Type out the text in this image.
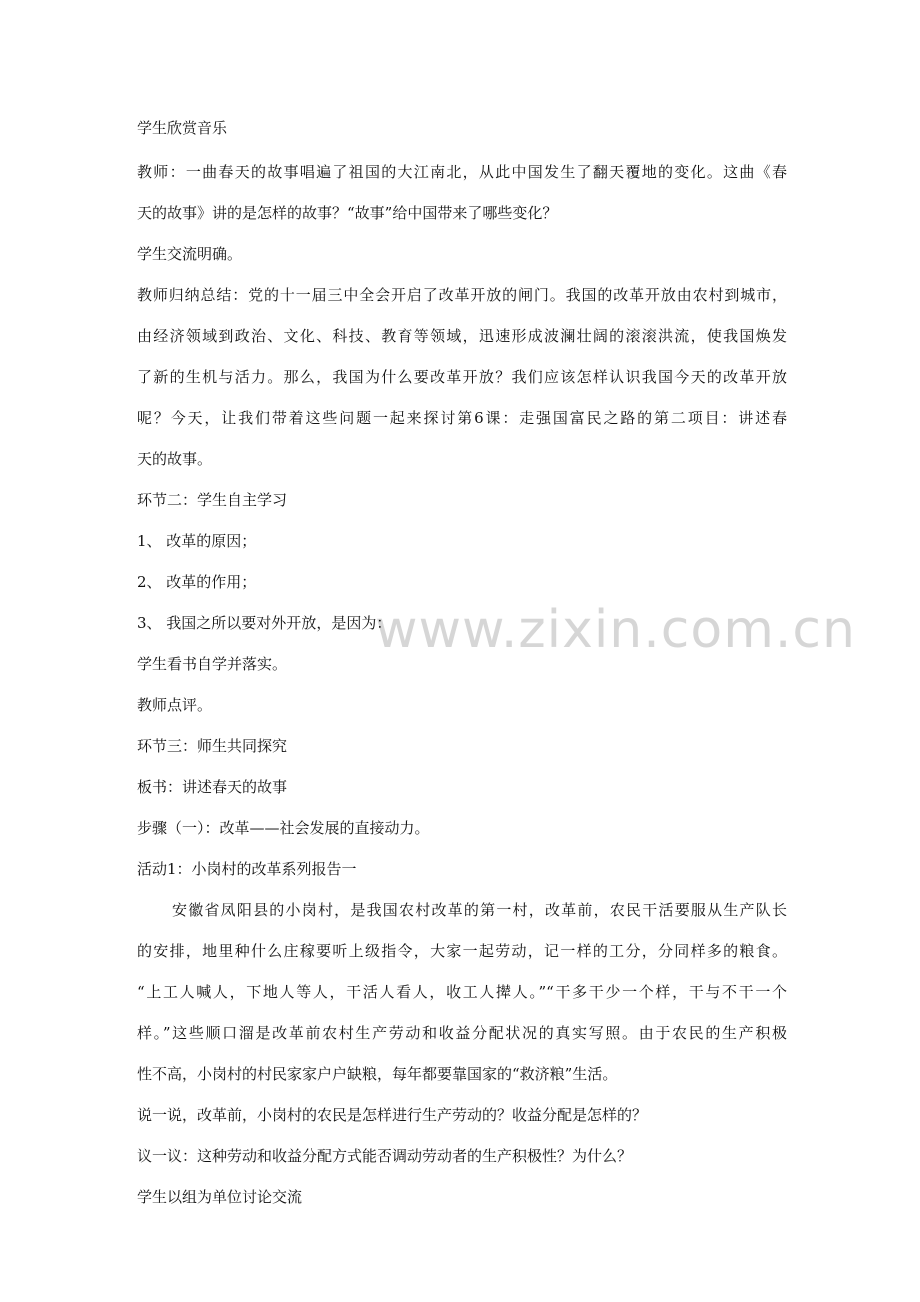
www.zixin.com.cn
学生欣赏音乐
教师：一曲春天的故事唱遍了祖国的大江南北，从此中国发生了翻天覆地的变化。这曲《春
天的故事》讲的是怎样的故事？“故事”给中国带来了哪些变化？
学生交流明确。
教师归纳总结：党的十一届三中全会开启了改革开放的闸门。我国的改革开放由农村到城市，
由经济领域到政治、文化、科技、教育等领域，迅速形成波澜壮阔的滚滚洪流，使我国焕发
了新的生机与活力。那么，我国为什么要改革开放？我们应该怎样认识我国今天的改革开放
呢？今天，让我们带着这些问题一起来探讨第6课：走强国富民之路的第二项目：讲述春
天的故事。
环节二：学生自主学习
1、 改革的原因；
2、 改革的作用；
3、 我国之所以要对外开放，是因为：
学生看书自学并落实。
教师点评。
环节三：师生共同探究
板书：讲述春天的故事
步骤（一）：改革——社会发展的直接动力。
活动1：小岗村的改革系列报告一
安徽省凤阳县的小岗村，是我国农村改革的第一村，改革前，农民干活要服从生产队长
的安排，地里种什么庄稼要听上级指令，大家一起劳动，记一样的工分，分同样多的粮食。
“上工人喊人，下地人等人，干活人看人，收工人撵人。”“干多干少一个样，干与不干一个
样。”这些顺口溜是改革前农村生产劳动和收益分配状况的真实写照。由于农民的生产积极
性不高，小岗村的村民家家户户缺粮，每年都要靠国家的“救济粮”生活。
说一说，改革前，小岗村的农民是怎样进行生产劳动的？收益分配是怎样的？
议一议：这种劳动和收益分配方式能否调动劳动者的生产积极性？为什么？
学生以组为单位讨论交流
